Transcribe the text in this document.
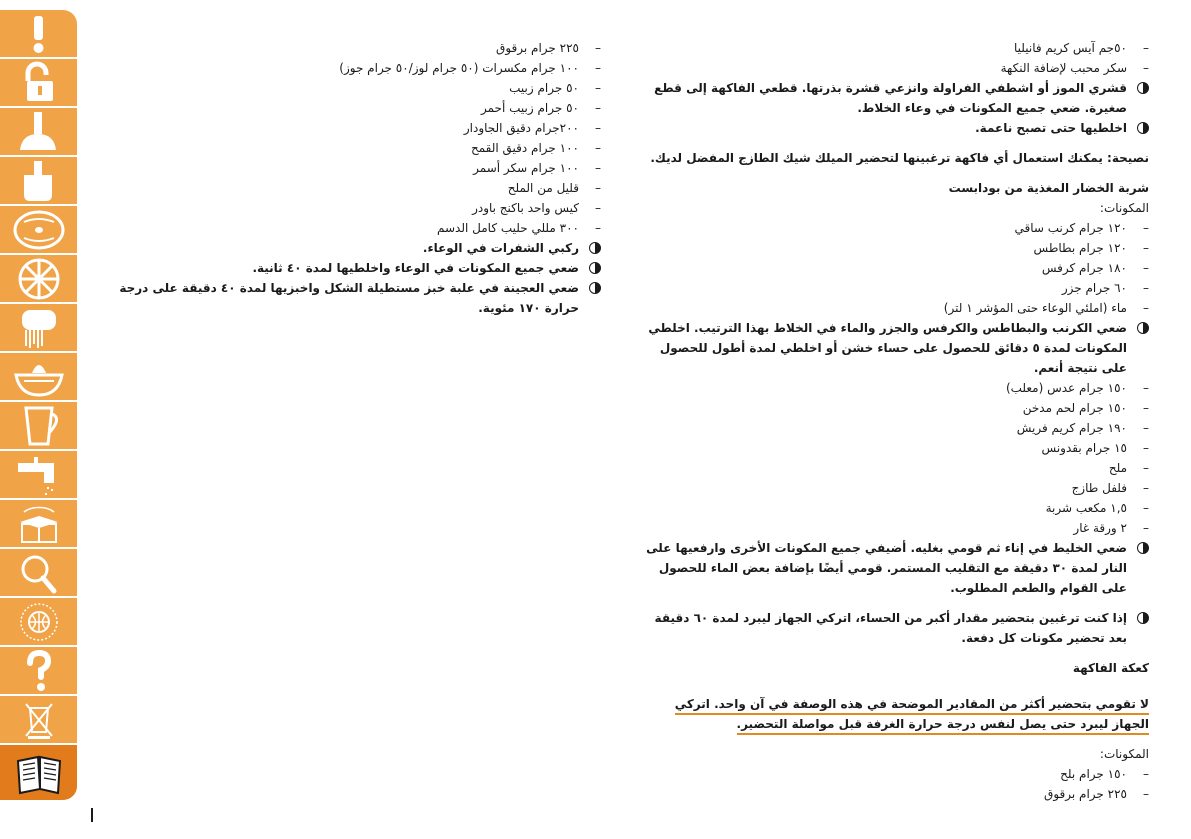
– ٥٠جم آيس كريم فانيليا
– سكر محبب لإضافة النكهة
قشري الموز أو اشطفي الفراولة وانزعي قشرة بذرتها. قطعي الفاكهة إلى قطع صغيرة. ضعي جميع المكونات في وعاء الخلاط.
اخلطيها حتى تصبح ناعمة.
نصيحة: يمكنك استعمال أي فاكهة ترغبينها لتحضير الميلك شيك الطازج المفضل لديك.
شربة الخضار المغذية من بودابست
المكونات:
– ١٢٠ جرام كرنب ساقي
– ١٢٠ جرام بطاطس
– ١٨٠ جرام كرفس
– ٦٠ جرام جزر
– ماء (املئي الوعاء حتى المؤشر ١ لتر)
ضعي الكرنب والبطاطس والكرفس والجزر والماء في الخلاط بهذا الترتيب. اخلطي المكونات لمدة ٥ دقائق للحصول على حساء خشن أو اخلطي لمدة أطول للحصول على نتيجة أنعم.
– ١٥٠ جرام عدس (معلب)
– ١٥٠ جرام لحم مدخن
– ١٩٠ جرام كريم فريش
– ١٥ جرام بقدونس
– ملح
– فلفل طازج
– ١,٥ مكعب شربة
– ٢ ورقة غار
ضعي الخليط في إناء ثم قومي بغليه. أضيفي جميع المكونات الأخرى وارفعيها على النار لمدة ٣٠ دقيقة مع التقليب المستمر. قومي أيضًا بإضافة بعض الماء للحصول على القوام والطعم المطلوب.
إذا كنت ترغبين بتحضير مقدار أكبر من الحساء، اتركي الجهاز ليبرد لمدة ٦٠ دقيقة بعد تحضير مكونات كل دفعة.
كعكة الفاكهة
لا تقومي بتحضير أكثر من المقادير الموضحة في هذه الوصفة في آن واحد. اتركي الجهاز ليبرد حتى يصل لنفس درجة حرارة الغرفة قبل مواصلة التحضير.
المكونات:
– ١٥٠ جرام بلح
– ٢٢٥ جرام برقوق
– ٢٢٥ جرام برقوق
– ١٠٠ جرام مكسرات (٥٠ جرام لوز/٥٠ جرام جوز)
– ٥٠ جرام زبيب
– ٥٠ جرام زبيب أحمر
– ٢٠٠جرام دقيق الجاودار
– ١٠٠ جرام دقيق القمح
– ١٠٠ جرام سكر أسمر
– قليل من الملح
– كيس واحد باكنج باودر
– ٣٠٠ مللي حليب كامل الدسم
ركبي الشفرات في الوعاء.
ضعي جميع المكونات في الوعاء واخلطيها لمدة ٤٠ ثانية.
ضعي العجينة في علبة خبز مستطيلة الشكل واخبزيها لمدة ٤٠ دقيقة على درجة حرارة ١٧٠ مئوية.
